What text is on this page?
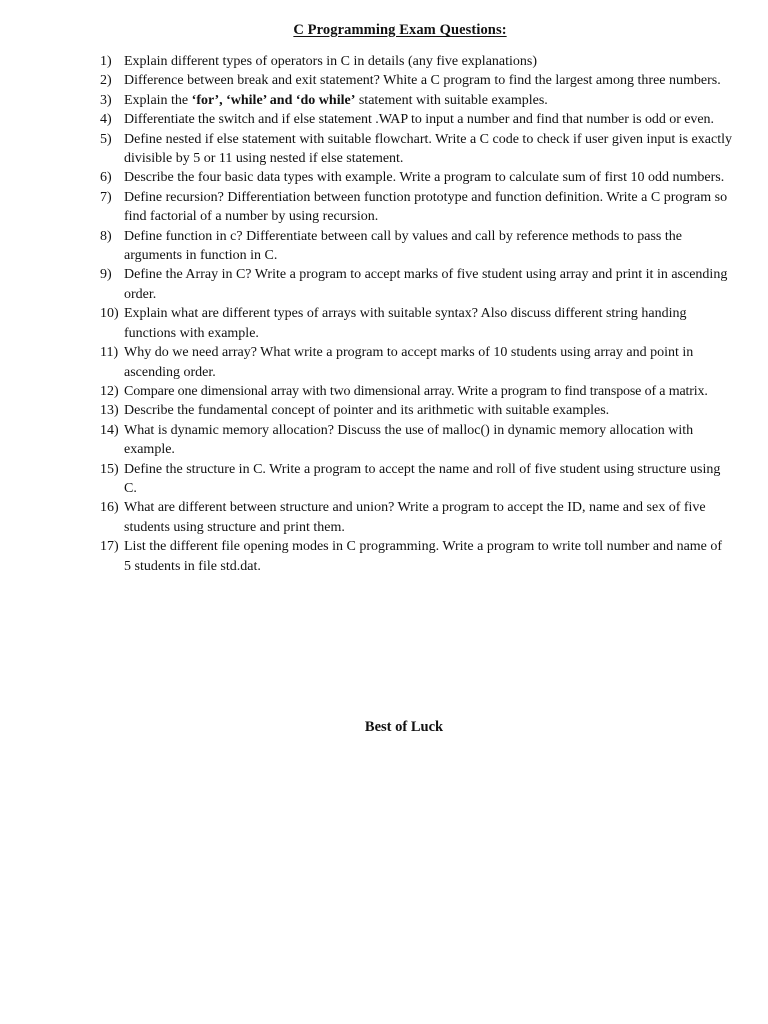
C Programming Exam Questions:
1) Explain different types of operators in C in details (any five explanations)
2) Difference between break and exit statement? White a C program to find the largest among three numbers.
3) Explain the ‘for’, ‘while’ and ‘do while’ statement with suitable examples.
4) Differentiate the switch and if else statement .WAP to input a number and find that number is odd or even.
5) Define nested if else statement with suitable flowchart. Write a C code to check if user given input is exactly divisible by 5 or 11 using nested if else statement.
6) Describe the four basic data types with example. Write a program to calculate sum of first 10 odd numbers.
7) Define recursion? Differentiation between function prototype and function definition. Write a C program so find factorial of a number by using recursion.
8) Define function in c? Differentiate between call by values and call by reference methods to pass the arguments in function in C.
9) Define the Array in C? Write a program to accept marks of five student using array and print it in ascending order.
10) Explain what are different types of arrays with suitable syntax? Also discuss different string handing functions with example.
11) Why do we need array? What write a program to accept marks of 10 students using array and point in ascending order.
12) Compare one dimensional array with two dimensional array. Write a program to find transpose of a matrix.
13) Describe the fundamental concept of pointer and its arithmetic with suitable examples.
14) What is dynamic memory allocation? Discuss the use of malloc() in dynamic memory allocation with example.
15) Define the structure in C. Write a program to accept the name and roll of five student using structure using C.
16) What are different between structure and union? Write a program to accept the ID, name and sex of five students using structure and print them.
17) List the different file opening modes in C programming. Write a program to write toll number and name of 5 students in file std.dat.
Best of Luck
